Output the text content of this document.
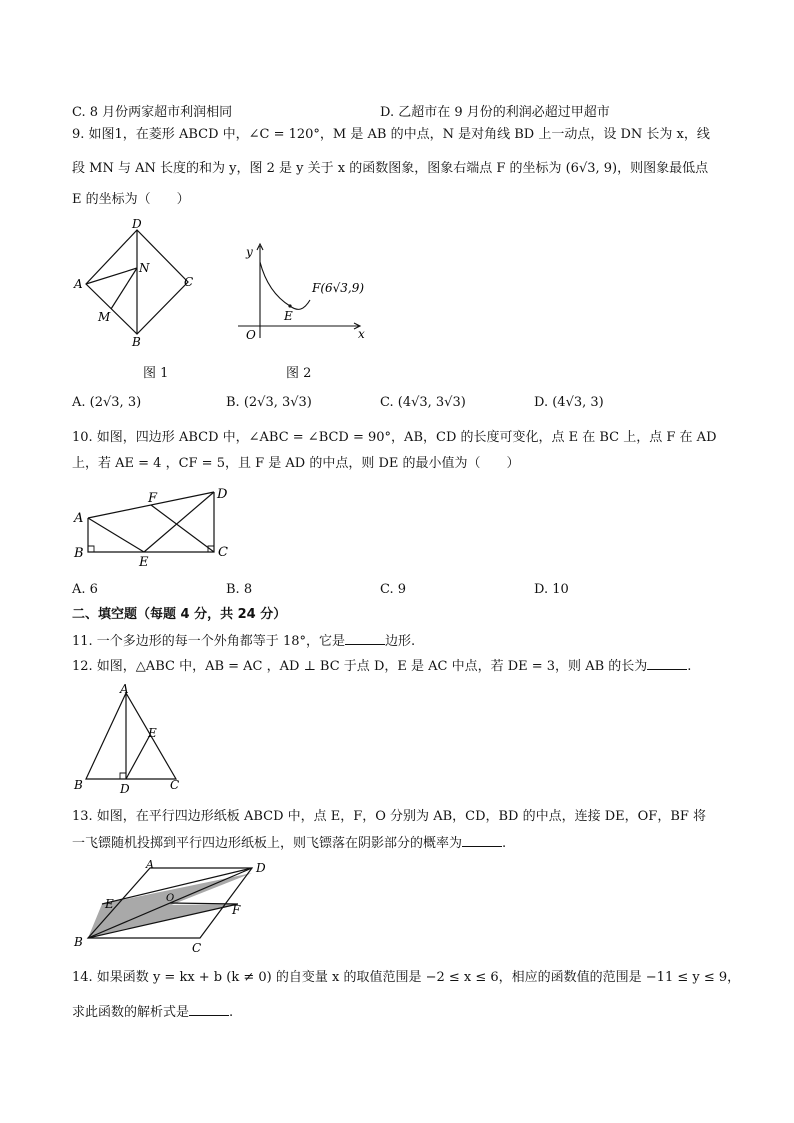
C. 8 月份两家超市利润相同	D. 乙超市在 9 月份的利润必超过甲超市
9. 如图1，在菱形 ABCD 中，∠C = 120°，M 是 AB 的中点，N 是对角线 BD 上一动点，设 DN 长为 x，线
段 MN 与 AN 长度的和为 y，图 2 是 y 关于 x 的函数图象，图象右端点 F 的坐标为 (6√3, 9)，则图象最低点
E 的坐标为（　　）
D
A	C
B
M
N
图 1
y
x
O
E
F(6√3,9)
图 2
A. (2√3, 3)	B. (2√3, 3√3)	C. (4√3, 3√3)	D. (4√3, 3)
10. 如图，四边形 ABCD 中，∠ABC = ∠BCD = 90°，AB，CD 的长度可变化，点 E 在 BC 上，点 F 在 AD
上，若 AE = 4 ，CF = 5，且 F 是 AD 的中点，则 DE 的最小值为（　　）
A
B	C
D
E
F
A. 6	B. 8	C. 9	D. 10
二、填空题（每题 4 分，共 24 分）
11. 一个多边形的每一个外角都等于 18°，它是	边形.
12. 如图，△ABC 中，AB = AC ，AD ⊥ BC 于点 D，E 是 AC 中点，若 DE = 3，则 AB 的长为	.
A
B	C
D
E
13. 如图，在平行四边形纸板 ABCD 中，点 E，F，O 分别为 AB，CD，BD 的中点，连接 DE，OF，BF 将
一飞镖随机投掷到平行四边形纸板上，则飞镖落在阴影部分的概率为	.
A	D
B	C
E	F
O
14. 如果函数 y = kx + b (k ≠ 0) 的自变量 x 的取值范围是 −2 ≤ x ≤ 6，相应的函数值的范围是 −11 ≤ y ≤ 9，
求此函数的解析式是	.
